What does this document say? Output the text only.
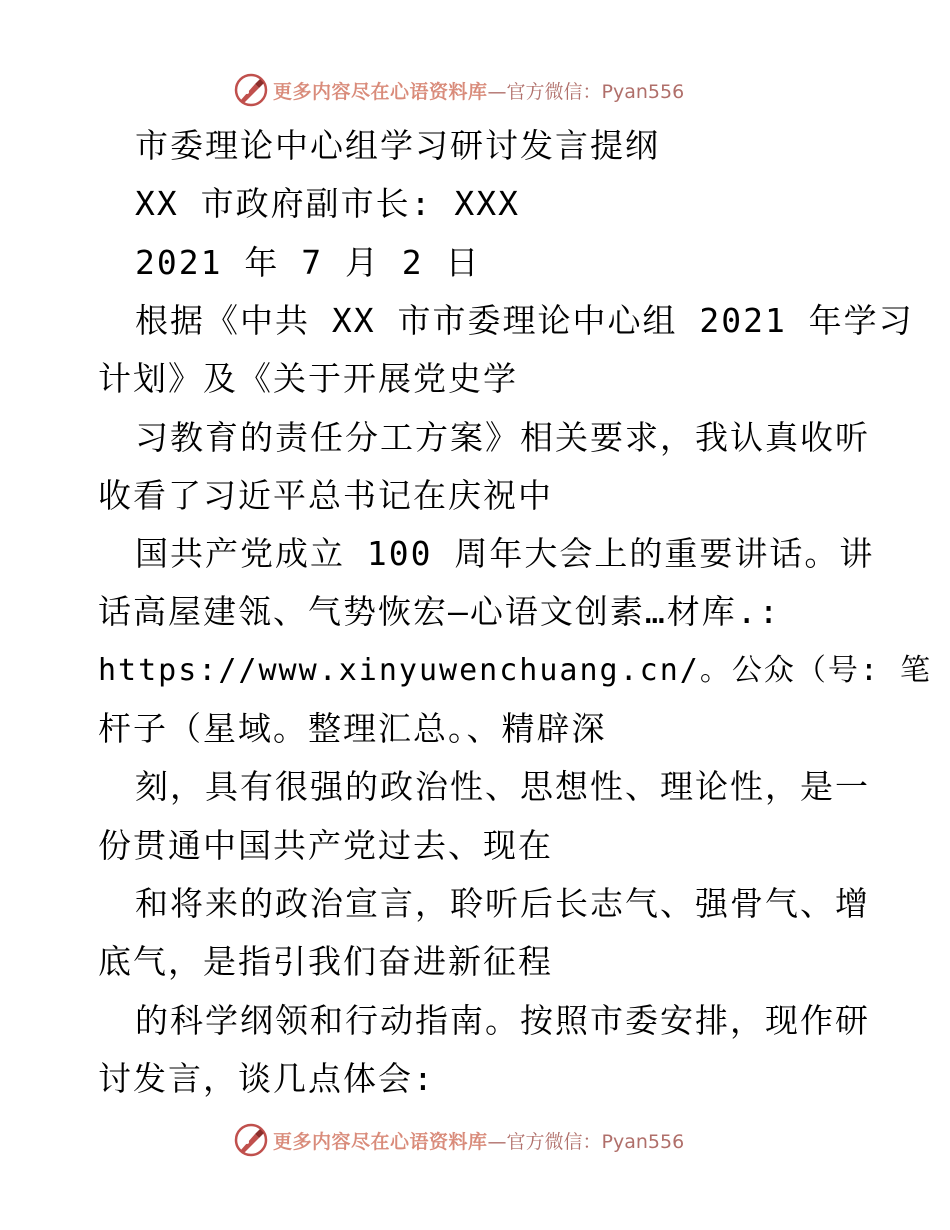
更多内容尽在心语资料库 —官方微信：Pyan556
市委理论中心组学习研讨发言提纲
XX 市政府副市长: XXX
2021 年 7 月 2 日
根据《中共 XX 市市委理论中心组 2021 年学习
计划》及《关于开展党史学
习教育的责任分工方案》相关要求，我认真收听
收看了习近平总书记在庆祝中
国共产党成立 100 周年大会上的重要讲话。讲
话高屋建瓴、气势恢宏—心语文创素…材库.:
https://www.xinyuwenchuang.cn/。公众（号: 笔
杆子（星域。整理汇总。、精辟深
刻，具有很强的政治性、思想性、理论性，是一
份贯通中国共产党过去、现在
和将来的政治宣言，聆听后长志气、强骨气、增
底气，是指引我们奋进新征程
的科学纲领和行动指南。按照市委安排，现作研
讨发言，谈几点体会:
更多内容尽在心语资料库 —官方微信：Pyan556
